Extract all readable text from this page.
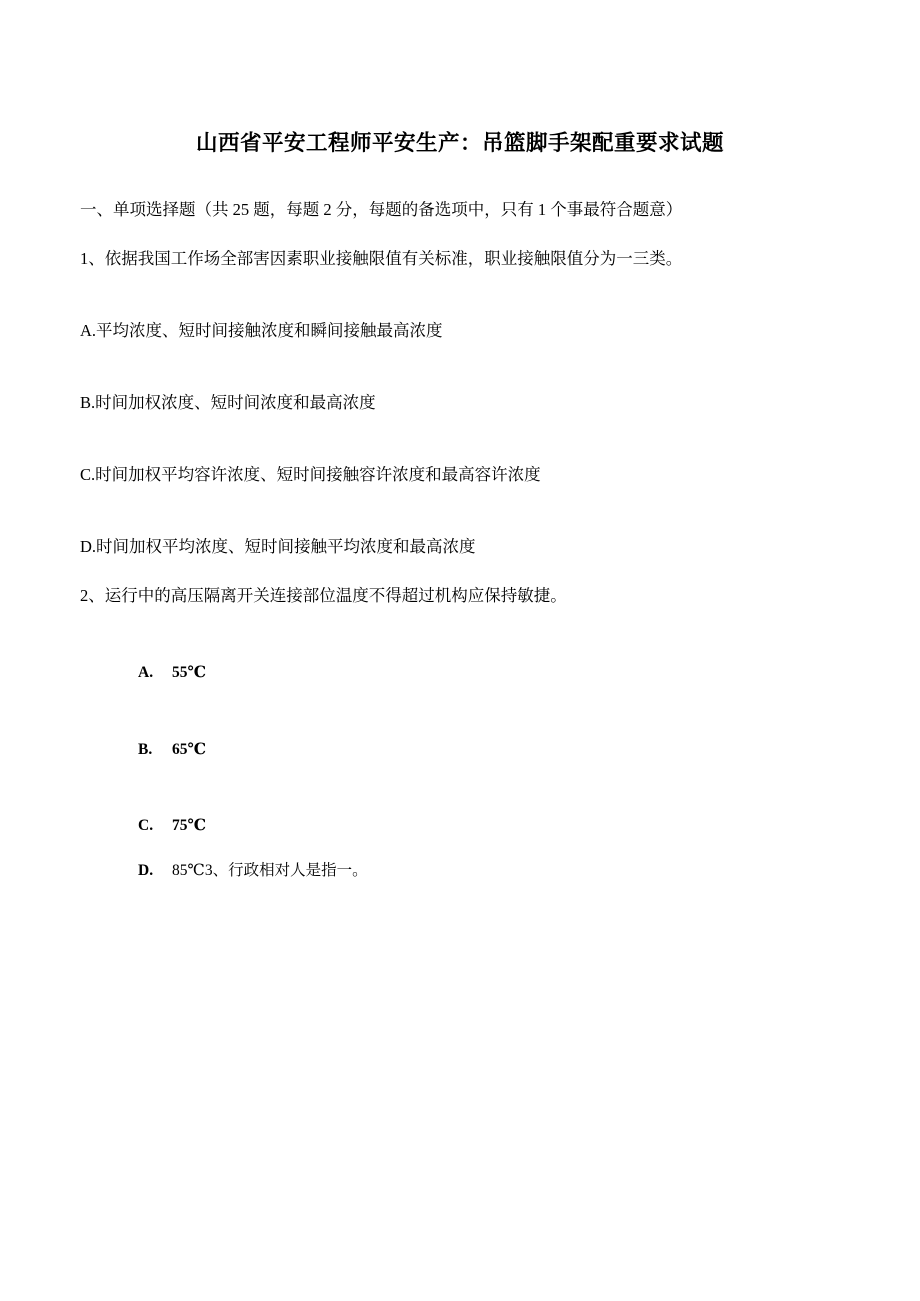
山西省平安工程师平安生产：吊篮脚手架配重要求试题

一、单项选择题（共 25 题，每题 2 分，每题的备选项中，只有 1 个事最符合题意）

1、依据我国工作场全部害因素职业接触限值有关标准，职业接触限值分为一三类。

A.平均浓度、短时间接触浓度和瞬间接触最高浓度

B.时间加权浓度、短时间浓度和最高浓度

C.时间加权平均容许浓度、短时间接触容许浓度和最高容许浓度

D.时间加权平均浓度、短时间接触平均浓度和最高浓度

2、运行中的高压隔离开关连接部位温度不得超过机构应保持敏捷。

A. 55℃

B. 65℃

C. 75℃

D. 85℃3、行政相对人是指一。
